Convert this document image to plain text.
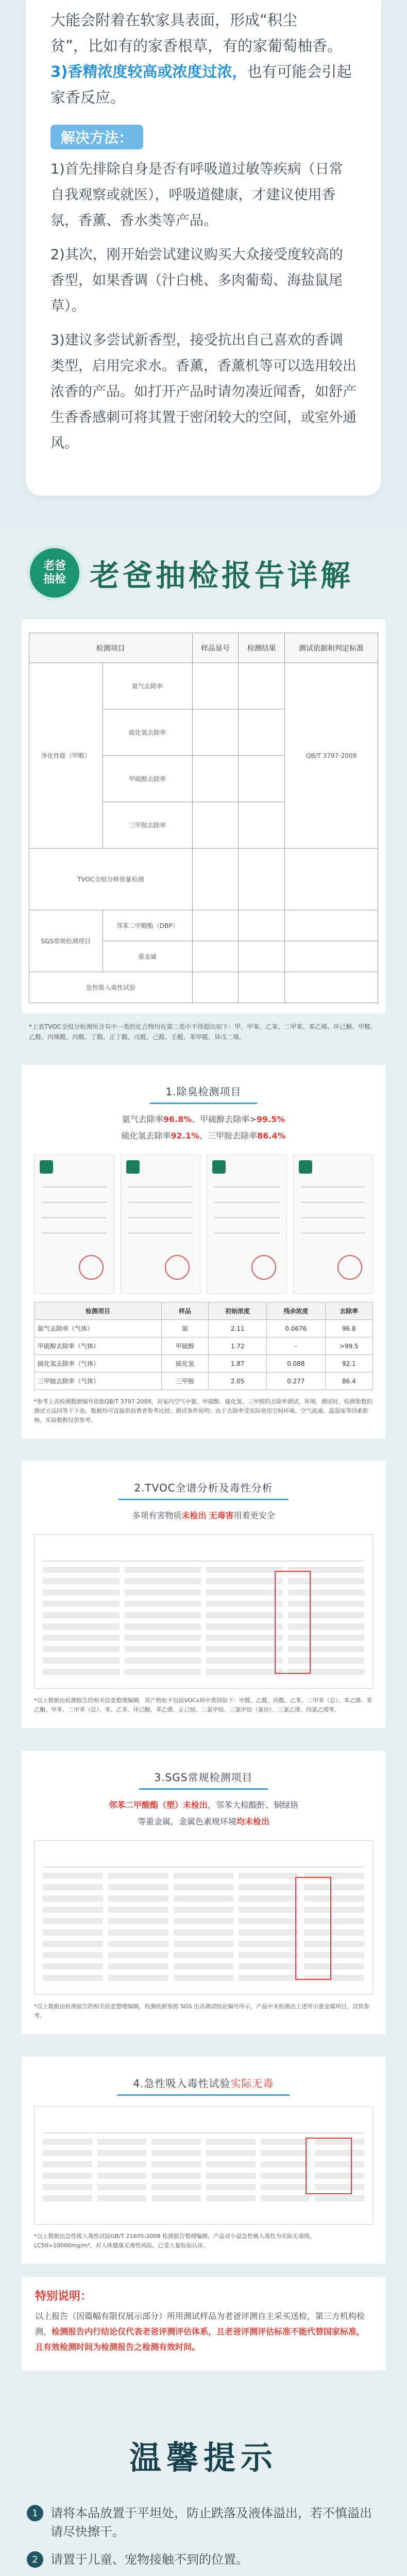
大能会附着在软家具表面，形成“积尘
贫”，比如有的家香根草，有的家葡萄柚香。
3)香精浓度较高或浓度过浓，也有可能会引起家香反应。
解决方法：
1)首先排除自身是否有呼吸道过敏等疾病（日常自我观察或就医），呼吸道健康，才建议使用香氛，香薰、香水类等产品。
2)其次，刚开始尝试建议购买大众接受度较高的香型，如果香调（汁白桃、多肉葡萄、海盐鼠尾草）。
3)建议多尝试新香型，接受抗出自己喜欢的香调类型，启用完求水。香薰，香薰机等可以选用较出浓香的产品。如打开产品时请勿凑近闻香，如舒产生香香感刺可将其置于密闭较大的空间，或室外通风。
老爸
抽检 老爸抽检报告详解
检测项目		样品显号	检测结果	测试依据和判定标准
净化性能（甲醛）	氨气去除率			QB/T 3797-2009
	硫化氢去除率			
	甲硫醇去除率			
	三甲胺去除率			
TVOC全组分释放量检测				
SGS常规检测项目	邻苯二甲酸酯（DBP）			
	重金属			
急性吸入毒性试验				
*上表TVOC全组分检测所含有中一类的化合物均在第二类中不得超出如下：甲、甲苯、乙苯、二甲苯、苯乙烯、环己酮、甲醛、乙醛、丙烯醛、丙醛、丁醛、正丁醛、戊醛、己醛、壬醛、苯甲醛、异戊二烯。
1.除臭检测项目
氨气去除率96.8%、甲硫醇去除率>99.5%
硫化氢去除率92.1%、三甲胺去除率86.4%
检测项目	样品	初始浓度	残余浓度	去除率
氨气去除率（气体）	氨	2.11	0.0676	96.8
甲硫醇去除率（气体）	甲硫醇	1.72	-	>99.5
硫化氢去除率（气体）	硫化氢	1.87	0.088	92.1
三甲胺去除率（气体）	三甲胺	2.05	0.277	86.4
*参考上表检测数据编号依据QB/T 3797-2009，对室内空气中氨、甲硫醇、硫化氢、三甲胺的去除率测试，环境、测试时、检测参数的测试方法同等于下表，数据均可直接供消费者参考比较。测试条件说明：由于去除率受实际使用空间环境、空气流通、温湿度等因素影响，实验数据仅供参考。
2.TVOC全谱分析及毒性分析
多项有害物质未检出 无毒害用着更安全
*以上数据由检测报告的相关信息整理编辑，其产物如不包括VOCs项中类别如下：甲醛、乙醛、丙醛、乙苯、二甲苯（总）、苯乙烯、苯乙酮、甲苯、二甲苯（总）、苯、乙苯、环己酮、苯乙烯、正己烷、二氯甲烷、三氯甲烷（氯仿）、三氯乙烯、四氯乙烯等。
3.SGS常规检测项目
邻苯二甲酸酯（塑）未检出，邻苯大棕酸酐、铜绿铬
等重金属，金属色素规环境均未检出
*以上数据由检测报告的相关信息整理编辑，检测依据参照 SGS 出具测试结论编号所示，产品中未检测出上述所示重金属项目，仅供参考。
4.急性吸入毒性试验实际无毒
*以上数据由急性吸入毒性试验GB/T 21605-2008 检测报告整理编辑，产品对小鼠急性吸入毒性为实际无毒级，LC50>10000mg/m³，对人体健康无毒性风险，已受大量检验认证。
特别说明：
以上报告（因篇幅有限仅展示部分）所用测试样品为老爸评测自主采买送检，第三方机构检测，检测报告内行结论仅代表老爸评测评估体系，且老爸评测评估标准不能代替国家标准，且有效检测时间为检测报告之检测有效时间。
温馨提示
1	请将本品放置于平坦处，防止跌落及液体溢出，若不慎溢出请尽快擦干。
2	请置于儿童、宠物接触不到的位置。
